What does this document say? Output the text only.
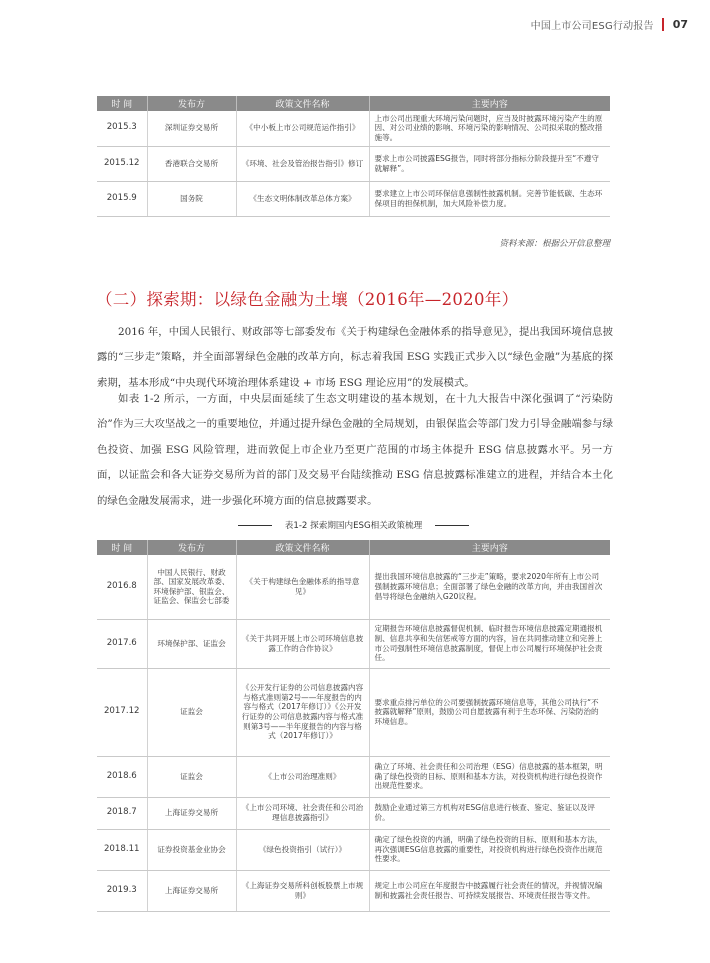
中国上市公司ESG行动报告 07
时 间	发布方	政策文件名称	主要内容
2015.3	深圳证券交易所	《中小板上市公司规范运作指引》	上市公司出现重大环境污染问题时，应当及时披露环境污染产生的原因、对公司业绩的影响、环境污染的影响情况、公司拟采取的整改措施等。
2015.12	香港联合交易所	《环境、社会及管治报告指引》修订	要求上市公司披露ESG报告，同时将部分指标分阶段提升至“不遵守就解释”。
2015.9	国务院	《生态文明体制改革总体方案》	要求建立上市公司环保信息强制性披露机制。完善节能低碳、生态环保项目的担保机制，加大风险补偿力度。
资料来源：根据公开信息整理
（二）探索期：以绿色金融为土壤（2016年—2020年）

2016 年，中国人民银行、财政部等七部委发布《关于构建绿色金融体系的指导意见》，提出我国环境信息披露的“三步走”策略，并全面部署绿色金融的改革方向，标志着我国 ESG 实践正式步入以“绿色金融”为基底的探索期，基本形成“中央现代环境治理体系建设 + 市场 ESG 理论应用”的发展模式。

如表 1-2 所示，一方面，中央层面延续了生态文明建设的基本规划，在十九大报告中深化强调了“污染防治”作为三大攻坚战之一的重要地位，并通过提升绿色金融的全局规划，由银保监会等部门发力引导金融端参与绿色投资、加强 ESG 风险管理，进而敦促上市企业乃至更广范围的市场主体提升 ESG 信息披露水平。另一方面，以证监会和各大证券交易所为首的部门及交易平台陆续推动 ESG 信息披露标准建立的进程，并结合本土化的绿色金融发展需求，进一步强化环境方面的信息披露要求。

表1-2 探索期国内ESG相关政策梳理
时 间	发布方	政策文件名称	主要内容
2016.8	中国人民银行、财政部、国家发展改革委、环境保护部、银监会、证监会、保监会七部委	《关于构建绿色金融体系的指导意见》	提出我国环境信息披露的“三步走”策略，要求2020年所有上市公司强制披露环境信息；全面部署了绿色金融的改革方向，并由我国首次倡导将绿色金融纳入G20议程。
2017.6	环境保护部、证监会	《关于共同开展上市公司环境信息披露工作的合作协议》	定期报告环境信息披露督促机制、临时报告环境信息披露定期通报机制、信息共享和失信惩戒等方面的内容，旨在共同推动建立和完善上市公司强制性环境信息披露制度，督促上市公司履行环境保护社会责任。
2017.12	证监会	《公开发行证券的公司信息披露内容与格式准则第2号——年度报告的内容与格式（2017年修订）》《公开发行证券的公司信息披露内容与格式准则第3号——半年度报告的内容与格式（2017年修订）》	要求重点排污单位的公司要强制披露环境信息等，其他公司执行“不披露就解释”原则，鼓励公司自愿披露有利于生态环保、污染防治的环境信息。
2018.6	证监会	《上市公司治理准则》	确立了环境、社会责任和公司治理（ESG）信息披露的基本框架，明确了绿色投资的目标、原则和基本方法，对投资机构进行绿色投资作出规范性要求。
2018.7	上海证券交易所	《上市公司环境、社会责任和公司治理信息披露指引》	鼓励企业通过第三方机构对ESG信息进行核查、鉴定、鉴证以及评价。
2018.11	证券投资基金业协会	《绿色投资指引（试行）》	确定了绿色投资的内涵，明确了绿色投资的目标、原则和基本方法，再次强调ESG信息披露的重要性，对投资机构进行绿色投资作出规范性要求。
2019.3	上海证券交易所	《上海证券交易所科创板股票上市规则》	规定上市公司应在年度报告中披露履行社会责任的情况，并视情况编制和披露社会责任报告、可持续发展报告、环境责任报告等文件。
